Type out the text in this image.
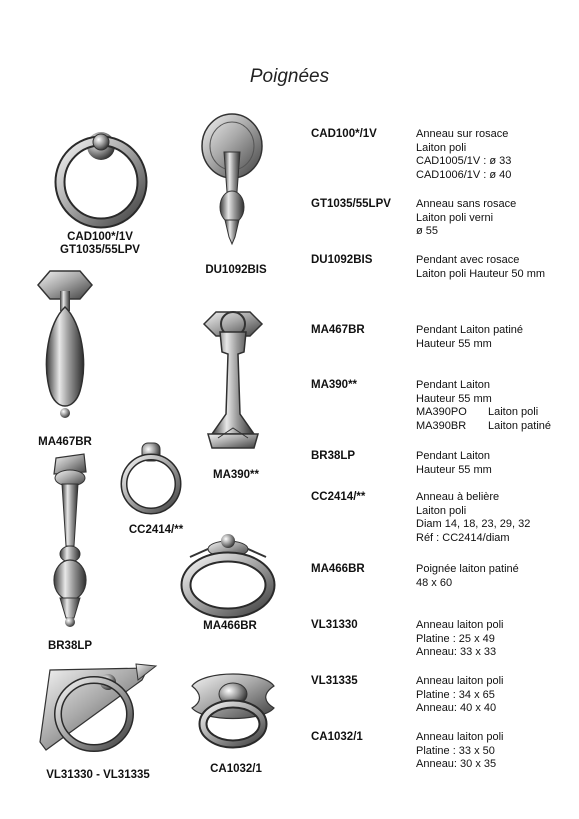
Poignées
CAD100*/1V
GT1035/55LPV
DU1092BIS
MA467BR
MA390**
CC2414/**
BR38LP
MA466BR
VL31330 - VL31335	CA1032/1
CAD100*/1V	Anneau sur rosace
Laiton poli
CAD1005/1V : ø 33
CAD1006/1V : ø 40
GT1035/55LPV Anneau sans rosace
Laiton poli verni
ø 55
DU1092BIS	Pendant avec rosace
Laiton poli Hauteur 50 mm
MA467BR	Pendant Laiton patiné
Hauteur 55 mm
MA390**	Pendant Laiton
Hauteur 55 mm
MA390PO Laiton poli
MA390BR Laiton patiné
BR38LP	Pendant Laiton
Hauteur 55 mm
CC2414/**	Anneau à belière
Laiton poli
Diam 14, 18, 23, 29, 32
Réf : CC2414/diam
MA466BR	Poignée laiton patiné
48 x 60
VL31330	Anneau laiton poli
Platine : 25 x 49
Anneau: 33 x 33
VL31335	Anneau laiton poli
Platine : 34 x 65
Anneau: 40 x 40
CA1032/1	Anneau laiton poli
Platine : 33 x 50
Anneau: 30 x 35
